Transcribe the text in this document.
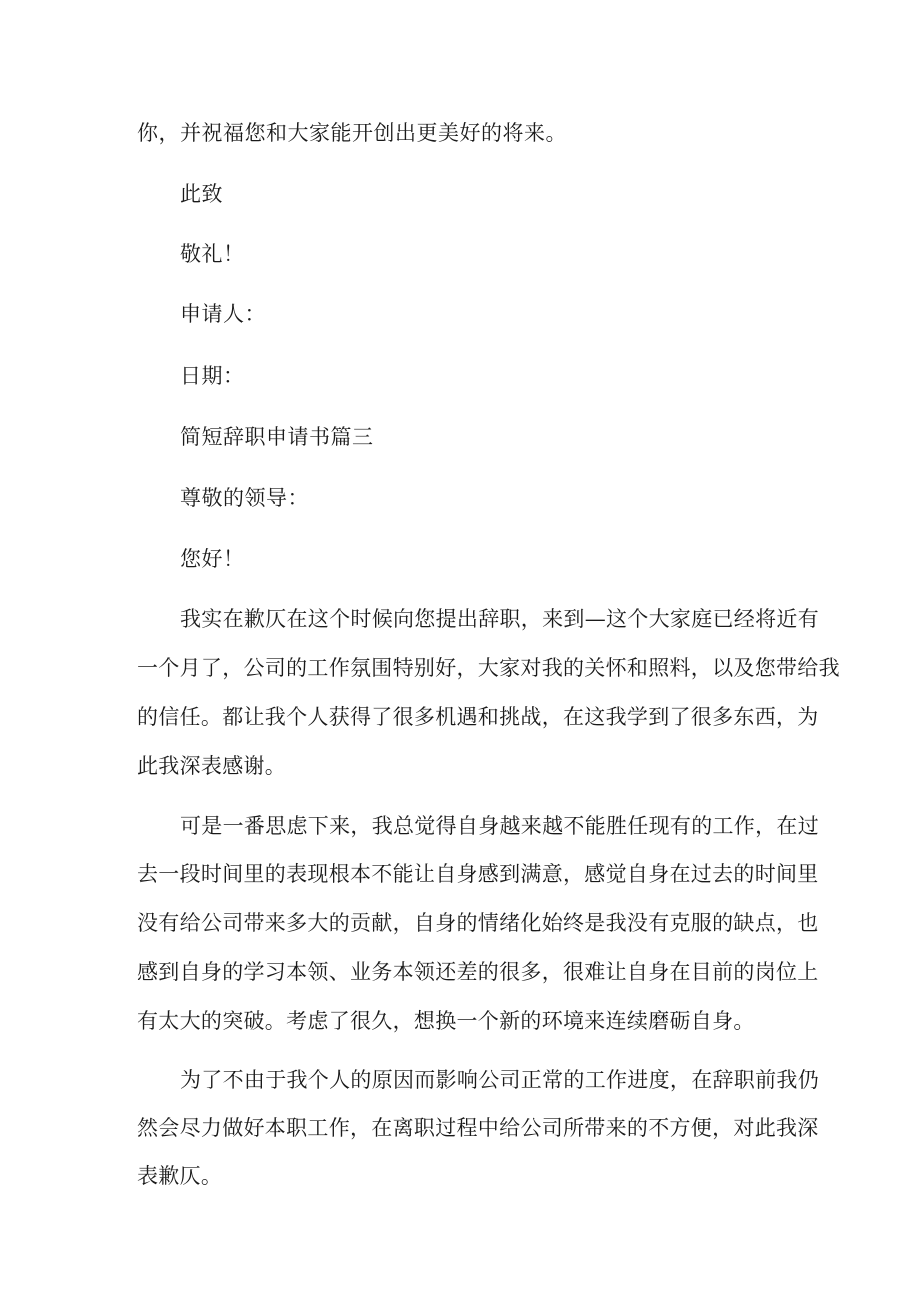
你，并祝福您和大家能开创出更美好的将来。
此致
敬礼！
申请人：
日期：
简短辞职申请书篇三
尊敬的领导：
您好！
我实在歉仄在这个时候向您提出辞职，来到—这个大家庭已经将近有
一个月了，公司的工作氛围特别好，大家对我的关怀和照料，以及您带给我
的信任。都让我个人获得了很多机遇和挑战，在这我学到了很多东西，为
此我深表感谢。
可是一番思虑下来，我总觉得自身越来越不能胜任现有的工作，在过
去一段时间里的表现根本不能让自身感到满意，感觉自身在过去的时间里
没有给公司带来多大的贡献，自身的情绪化始终是我没有克服的缺点，也
感到自身的学习本领、业务本领还差的很多，很难让自身在目前的岗位上
有太大的突破。考虑了很久，想换一个新的环境来连续磨砺自身。
为了不由于我个人的原因而影响公司正常的工作进度，在辞职前我仍
然会尽力做好本职工作，在离职过程中给公司所带来的不方便，对此我深
表歉仄。
